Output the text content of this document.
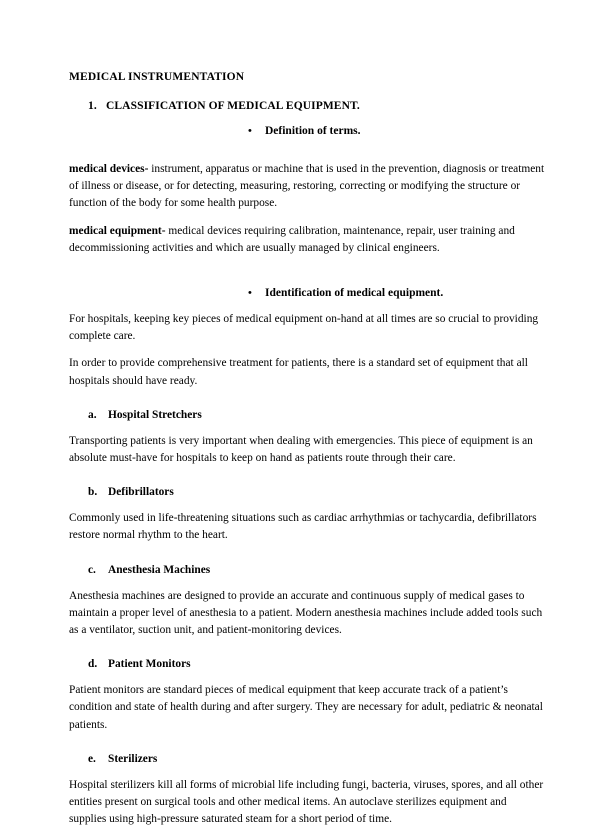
MEDICAL INSTRUMENTATION
1. CLASSIFICATION OF MEDICAL EQUIPMENT.
• Definition of terms.

medical devices- instrument, apparatus or machine that is used in the prevention, diagnosis or treatment of illness or disease, or for detecting, measuring, restoring, correcting or modifying the structure or function of the body for some health purpose.

medical equipment- medical devices requiring calibration, maintenance, repair, user training and decommissioning activities and which are usually managed by clinical engineers.

• Identification of medical equipment.

For hospitals, keeping key pieces of medical equipment on-hand at all times are so crucial to providing complete care.

In order to provide comprehensive treatment for patients, there is a standard set of equipment that all hospitals should have ready.

a. Hospital Stretchers

Transporting patients is very important when dealing with emergencies. This piece of equipment is an absolute must-have for hospitals to keep on hand as patients route through their care.

b. Defibrillators

Commonly used in life-threatening situations such as cardiac arrhythmias or tachycardia, defibrillators restore normal rhythm to the heart.

c. Anesthesia Machines

Anesthesia machines are designed to provide an accurate and continuous supply of medical gases to maintain a proper level of anesthesia to a patient. Modern anesthesia machines include added tools such as a ventilator, suction unit, and patient-monitoring devices.

d. Patient Monitors

Patient monitors are standard pieces of medical equipment that keep accurate track of a patient’s condition and state of health during and after surgery. They are necessary for adult, pediatric & neonatal patients.

e. Sterilizers

Hospital sterilizers kill all forms of microbial life including fungi, bacteria, viruses, spores, and all other entities present on surgical tools and other medical items. An autoclave sterilizes equipment and supplies using high-pressure saturated steam for a short period of time.
